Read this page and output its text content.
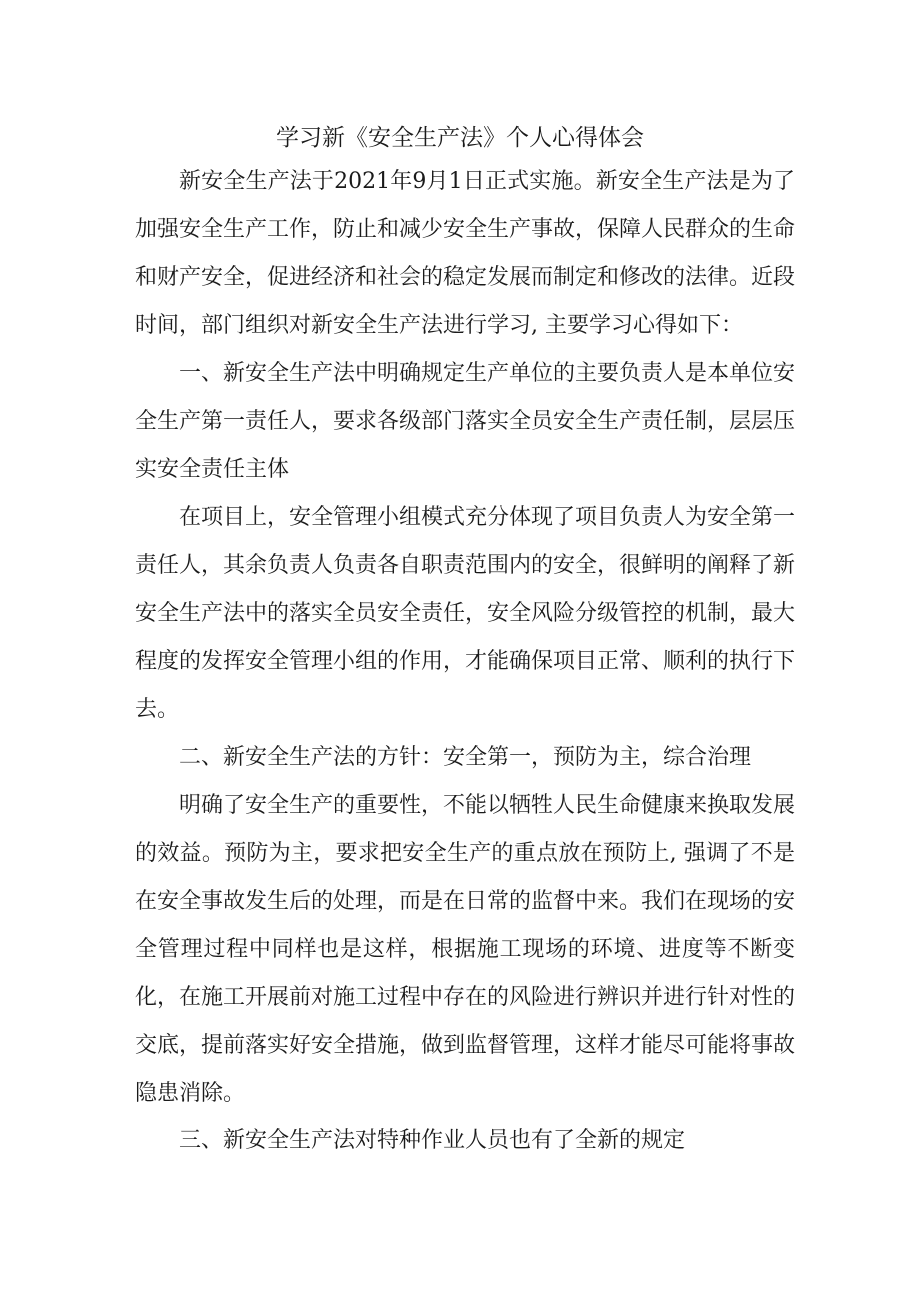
学习新《安全生产法》个人心得体会

新安全生产法于2021年9月1日正式实施。新安全生产法是为了加强安全生产工作，防止和减少安全生产事故，保障人民群众的生命和财产安全，促进经济和社会的稳定发展而制定和修改的法律。近段时间，部门组织对新安全生产法进行学习, 主要学习心得如下：

一、新安全生产法中明确规定生产单位的主要负责人是本单位安全生产第一责任人，要求各级部门落实全员安全生产责任制，层层压实安全责任主体

在项目上，安全管理小组模式充分体现了项目负责人为安全第一责任人，其余负责人负责各自职责范围内的安全，很鲜明的阐释了新安全生产法中的落实全员安全责任，安全风险分级管控的机制，最大程度的发挥安全管理小组的作用，才能确保项目正常、顺利的执行下去。

二、新安全生产法的方针：安全第一，预防为主，综合治理

明确了安全生产的重要性，不能以牺牲人民生命健康来换取发展的效益。预防为主，要求把安全生产的重点放在预防上, 强调了不是在安全事故发生后的处理，而是在日常的监督中来。我们在现场的安全管理过程中同样也是这样，根据施工现场的环境、进度等不断变化，在施工开展前对施工过程中存在的风险进行辨识并进行针对性的交底，提前落实好安全措施，做到监督管理，这样才能尽可能将事故隐患消除。

三、新安全生产法对特种作业人员也有了全新的规定
